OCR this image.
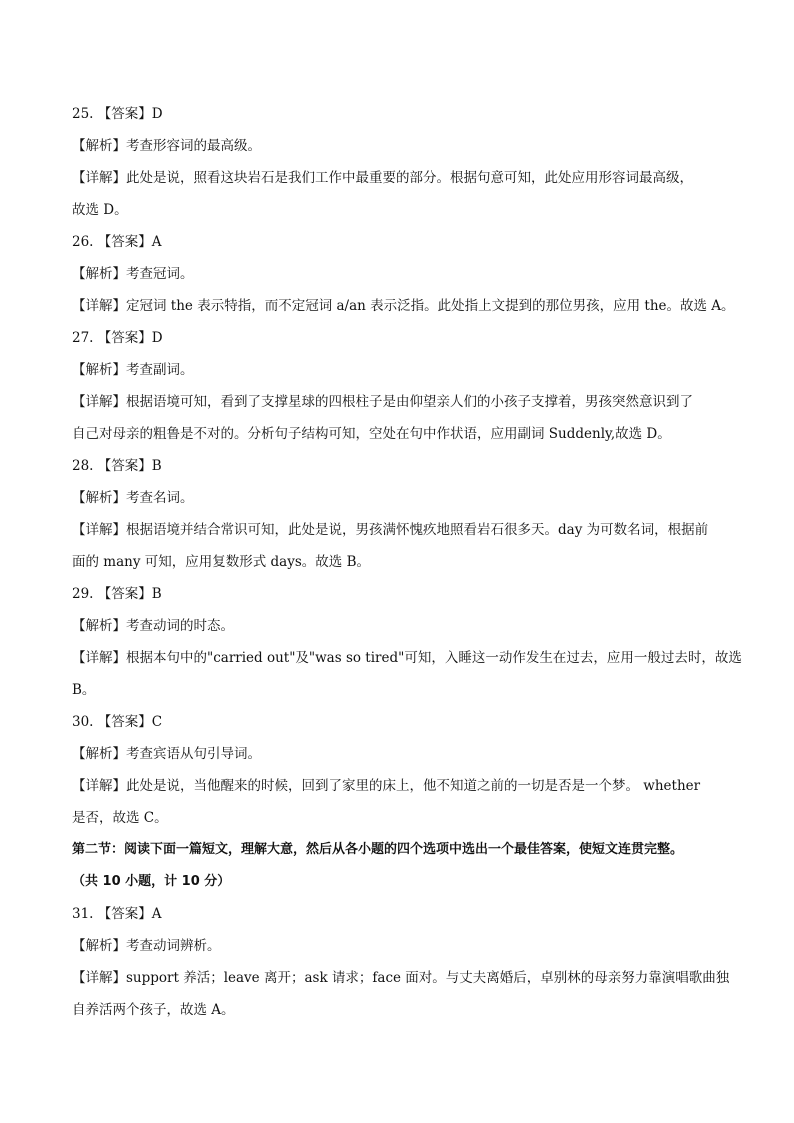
25. 【答案】D
【解析】考查形容词的最高级。
【详解】此处是说，照看这块岩石是我们工作中最重要的部分。根据句意可知，此处应用形容词最高级，
故选 D。
26. 【答案】A
【解析】考查冠词。
【详解】定冠词 the 表示特指，而不定冠词 a/an 表示泛指。此处指上文提到的那位男孩，应用 the。故选 A。
27. 【答案】D
【解析】考查副词。
【详解】根据语境可知，看到了支撑星球的四根柱子是由仰望亲人们的小孩子支撑着，男孩突然意识到了
自己对母亲的粗鲁是不对的。分析句子结构可知，空处在句中作状语，应用副词 Suddenly,故选 D。
28. 【答案】B
【解析】考查名词。
【详解】根据语境并结合常识可知，此处是说，男孩满怀愧疚地照看岩石很多天。day 为可数名词，根据前
面的 many 可知，应用复数形式 days。故选 B。
29. 【答案】B
【解析】考查动词的时态。
【详解】根据本句中的"carried out"及"was so tired"可知，入睡这一动作发生在过去，应用一般过去时，故选
B。
30. 【答案】C
【解析】考查宾语从句引导词。
【详解】此处是说，当他醒来的时候，回到了家里的床上，他不知道之前的一切是否是一个梦。 whether
是否，故选 C。
第二节：阅读下面一篇短文，理解大意，然后从各小题的四个选项中选出一个最佳答案，使短文连贯完整。
（共 10 小题，计 10 分）
31. 【答案】A
【解析】考查动词辨析。
【详解】support 养活；leave 离开；ask 请求；face 面对。与丈夫离婚后，卓别林的母亲努力靠演唱歌曲独
自养活两个孩子，故选 A。
